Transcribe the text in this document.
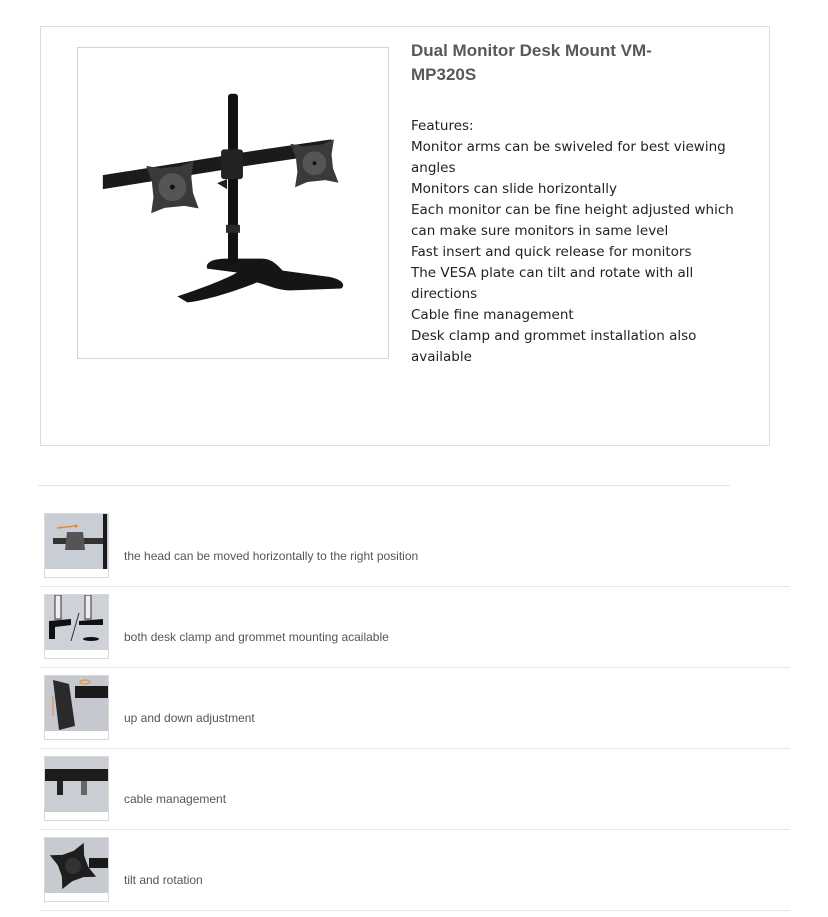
Dual Monitor Desk Mount VM-
MP320S
Features:
Monitor arms can be swiveled for best viewing angles
Monitors can slide horizontally
Each monitor can be fine height adjusted which can make sure monitors in same level
Fast insert and quick release for monitors
The VESA plate can tilt and rotate with all directions
Cable fine management
Desk clamp and grommet installation also available
the head can be moved horizontally to the right position
both desk clamp and grommet mounting acailable
up and down adjustment
cable management
tilt and rotation
